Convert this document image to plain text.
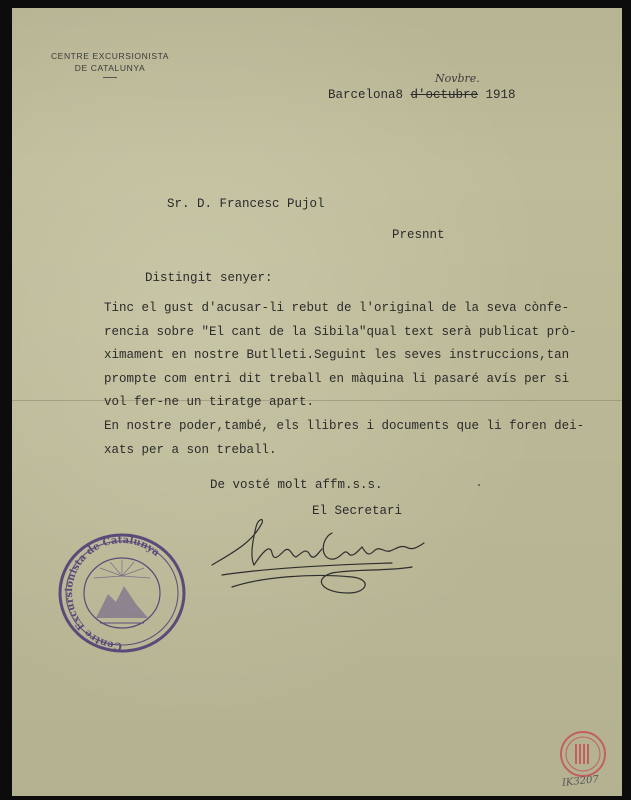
CENTRE EXCURSIONISTA
DE CATALUNYA
Novbre.
Barcelona8 d'octubre 1918
Sr. D. Francesc Pujol
Presnnt
Distingit senyer:
Tinc el gust d'acusar-li rebut de l'original de la seva cònfe-
rencia sobre "El cant de la Sibila"qual text serà publicat prò-
ximament en nostre Butlleti.Seguint les seves instruccions,tan
prompte com entri dit treball en màquina li pasaré avís per si
vol fer-ne un tiratge apart.
En nostre poder,també, els llibres i documents que li foren dei-
xats per a son treball.
De vosté molt affm.s.s.
El Secretari
Centre Excursionista de Catalunya
IK3207
